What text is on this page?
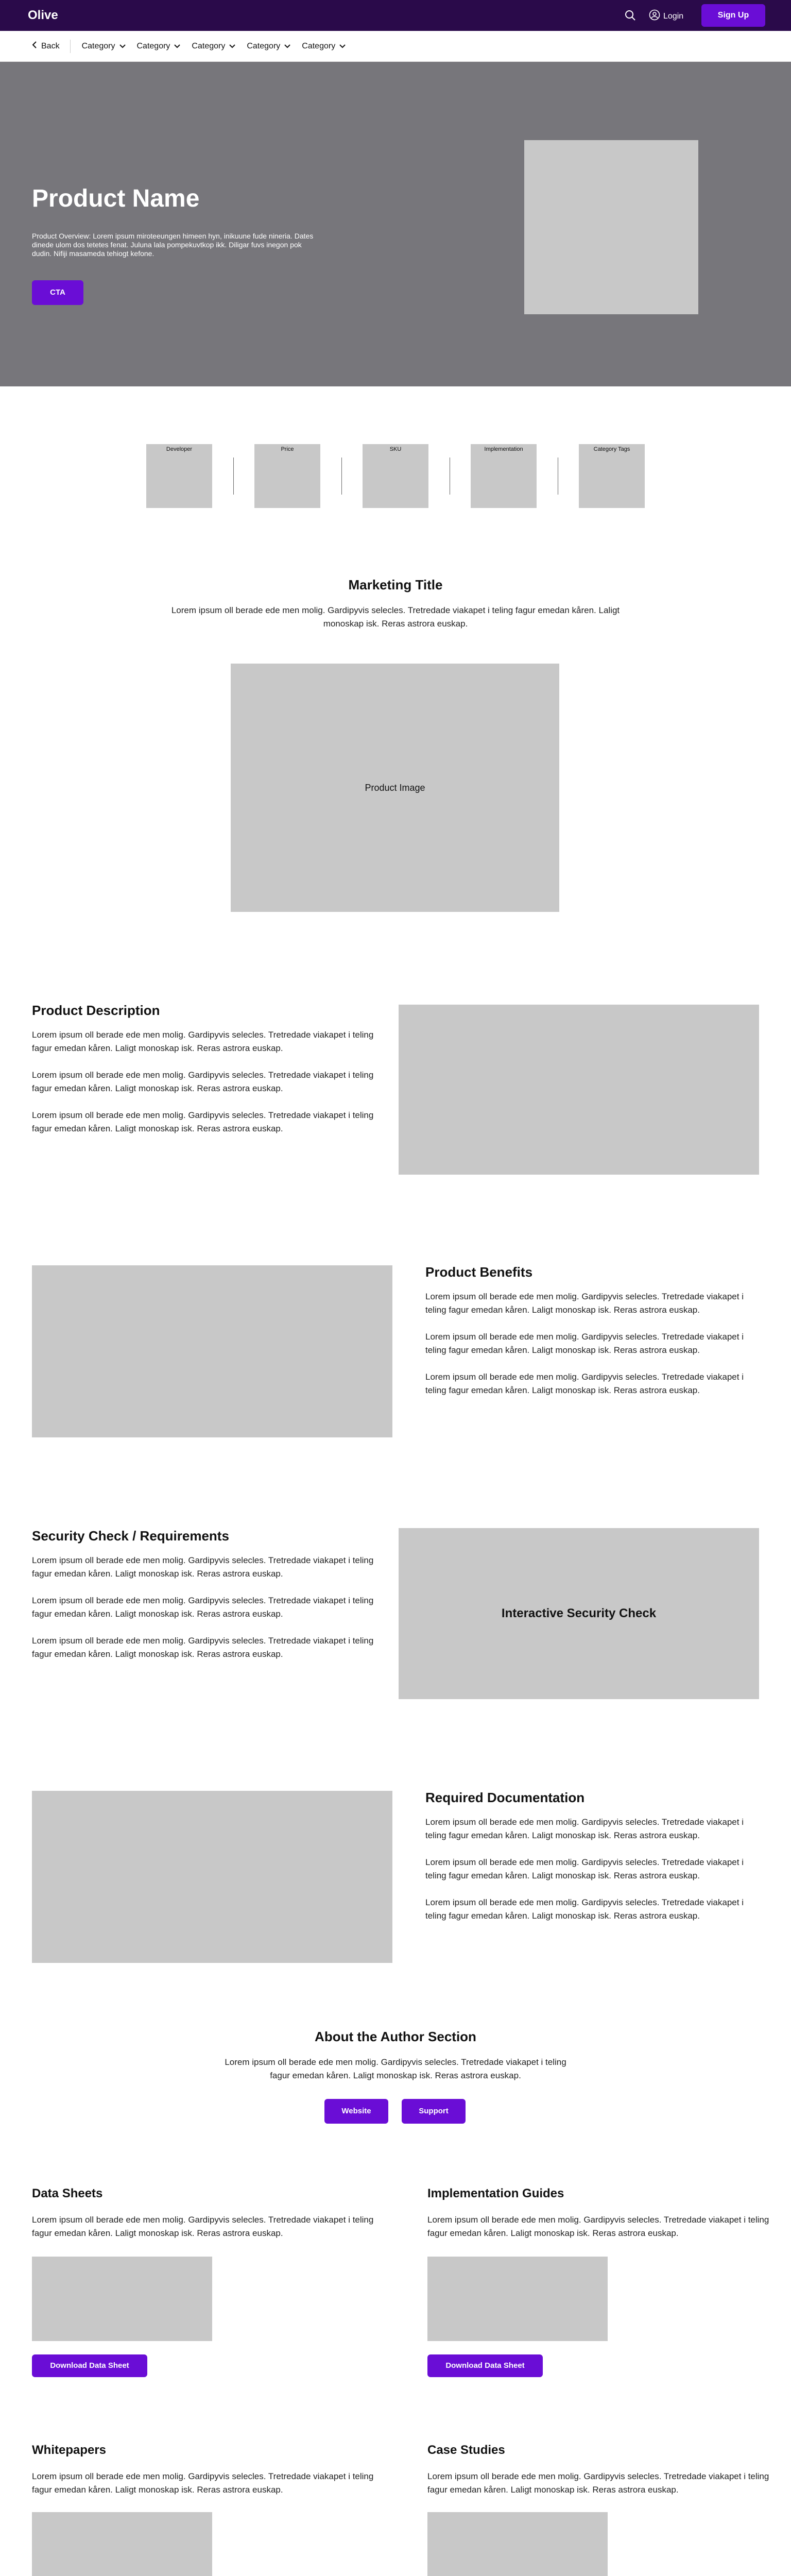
Olive	Login	Sign Up
Back	Category	Category	Category	Category	Category
Product Name
Product Overview: Lorem ipsum miroteeungen himeen hyn, inikuune fude nineria. Dates dinede ulom dos tetetes fenat. Juluna lala pompekuvtkop ikk. Diligar fuvs inegon pok dudin. Nifiji masameda tehiogt kefone.
CTA
Developer	Price	SKU	Implementation	Category Tags
Marketing Title
Lorem ipsum oll berade ede men molig. Gardipyvis selecles. Tretredade viakapet i teling fagur emedan kåren. Laligt monoskap isk. Reras astrora euskap.
Product Image
Product Description
Lorem ipsum oll berade ede men molig. Gardipyvis selecles. Tretredade viakapet i teling fagur emedan kåren. Laligt monoskap isk. Reras astrora euskap.
Lorem ipsum oll berade ede men molig. Gardipyvis selecles. Tretredade viakapet i teling fagur emedan kåren. Laligt monoskap isk. Reras astrora euskap.
Lorem ipsum oll berade ede men molig. Gardipyvis selecles. Tretredade viakapet i teling fagur emedan kåren. Laligt monoskap isk. Reras astrora euskap.
Product Benefits
Lorem ipsum oll berade ede men molig. Gardipyvis selecles. Tretredade viakapet i teling fagur emedan kåren. Laligt monoskap isk. Reras astrora euskap.
Lorem ipsum oll berade ede men molig. Gardipyvis selecles. Tretredade viakapet i teling fagur emedan kåren. Laligt monoskap isk. Reras astrora euskap.
Lorem ipsum oll berade ede men molig. Gardipyvis selecles. Tretredade viakapet i teling fagur emedan kåren. Laligt monoskap isk. Reras astrora euskap.
Security Check / Requirements
Lorem ipsum oll berade ede men molig. Gardipyvis selecles. Tretredade viakapet i teling fagur emedan kåren. Laligt monoskap isk. Reras astrora euskap.
Lorem ipsum oll berade ede men molig. Gardipyvis selecles. Tretredade viakapet i teling fagur emedan kåren. Laligt monoskap isk. Reras astrora euskap.
Lorem ipsum oll berade ede men molig. Gardipyvis selecles. Tretredade viakapet i teling fagur emedan kåren. Laligt monoskap isk. Reras astrora euskap.
Interactive Security Check
Required Documentation
Lorem ipsum oll berade ede men molig. Gardipyvis selecles. Tretredade viakapet i teling fagur emedan kåren. Laligt monoskap isk. Reras astrora euskap.
Lorem ipsum oll berade ede men molig. Gardipyvis selecles. Tretredade viakapet i teling fagur emedan kåren. Laligt monoskap isk. Reras astrora euskap.
Lorem ipsum oll berade ede men molig. Gardipyvis selecles. Tretredade viakapet i teling fagur emedan kåren. Laligt monoskap isk. Reras astrora euskap.
About the Author Section
Lorem ipsum oll berade ede men molig. Gardipyvis selecles. Tretredade viakapet i teling fagur emedan kåren. Laligt monoskap isk. Reras astrora euskap.
Website	Support
Data Sheets
Lorem ipsum oll berade ede men molig. Gardipyvis selecles. Tretredade viakapet i teling fagur emedan kåren. Laligt monoskap isk. Reras astrora euskap.
Download Data Sheet
Implementation Guides
Lorem ipsum oll berade ede men molig. Gardipyvis selecles. Tretredade viakapet i teling fagur emedan kåren. Laligt monoskap isk. Reras astrora euskap.
Download Data Sheet
Whitepapers
Lorem ipsum oll berade ede men molig. Gardipyvis selecles. Tretredade viakapet i teling fagur emedan kåren. Laligt monoskap isk. Reras astrora euskap.
Case Studies
Lorem ipsum oll berade ede men molig. Gardipyvis selecles. Tretredade viakapet i teling fagur emedan kåren. Laligt monoskap isk. Reras astrora euskap.
